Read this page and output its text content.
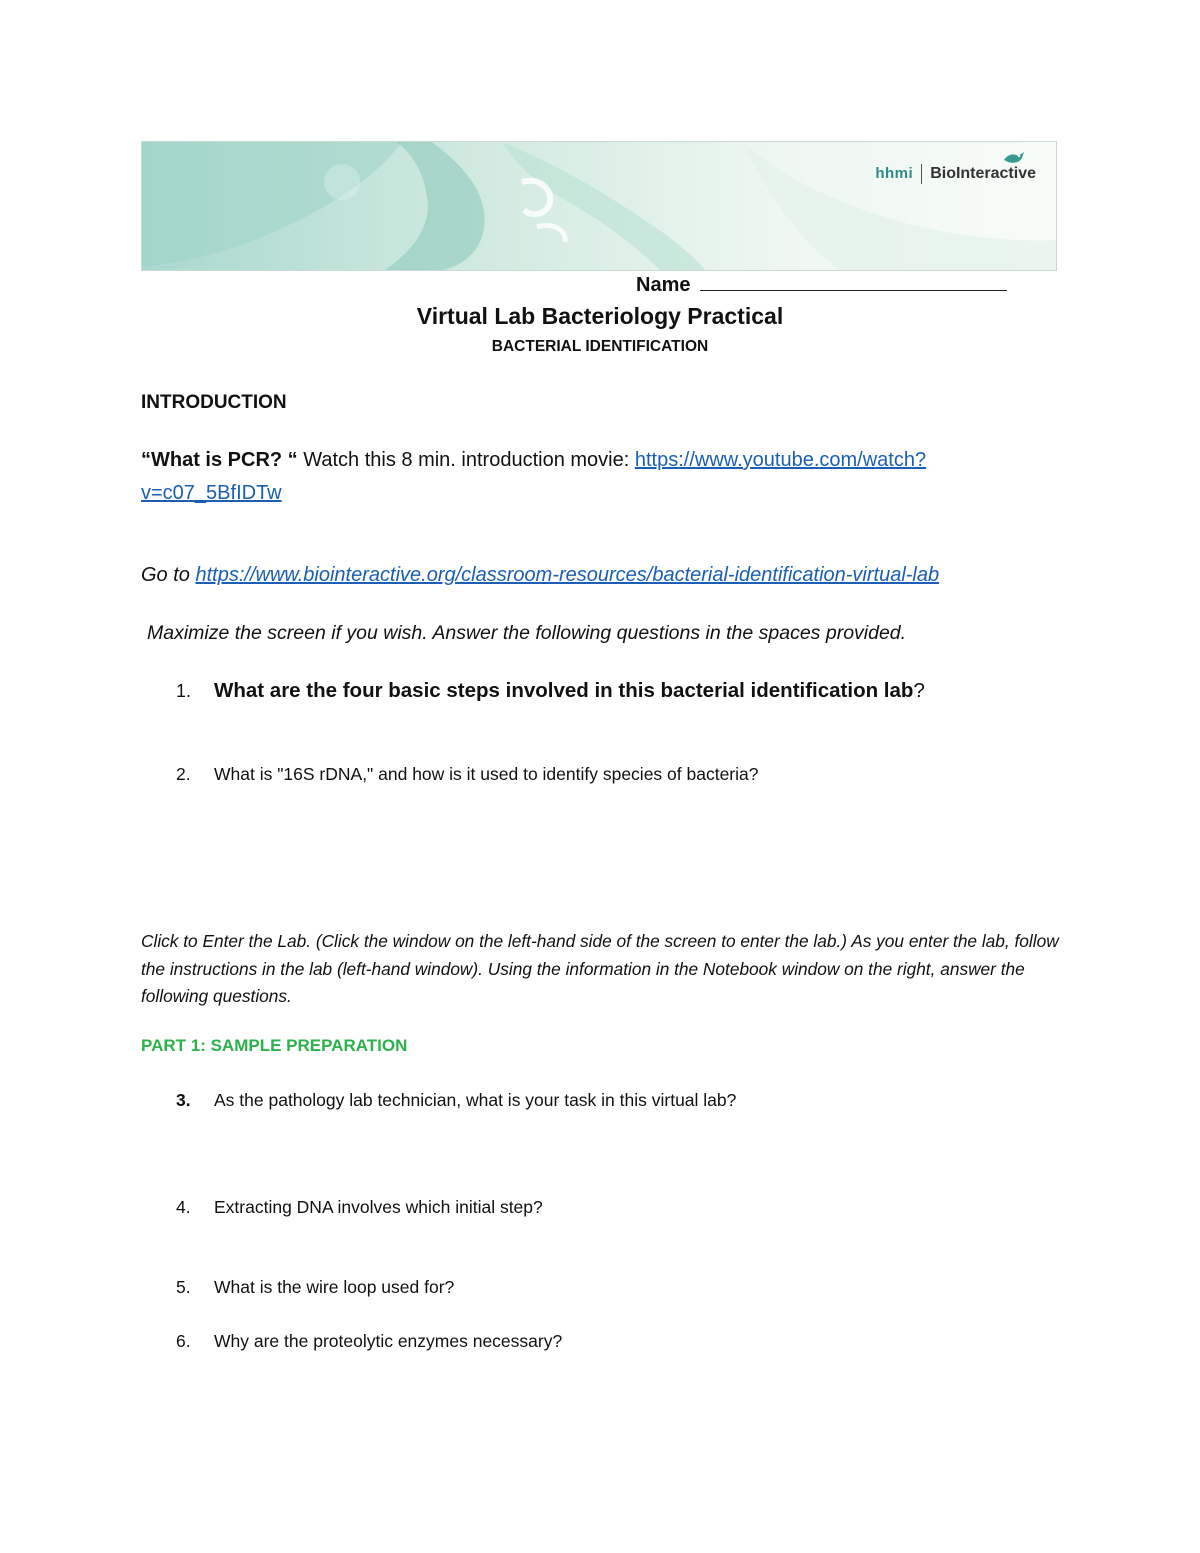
hhmi	BioInteractive
Name
Virtual Lab Bacteriology Practical
BACTERIAL IDENTIFICATION
INTRODUCTION
“What is PCR? “ Watch this 8 min. introduction movie: https://www.youtube.com/watch?
v=c07_5BfIDTw
Go to https://www.biointeractive.org/classroom-resources/bacterial-identification-virtual-lab
Maximize the screen if you wish. Answer the following questions in the spaces provided.
1.	What are the four basic steps involved in this bacterial identification lab?
2.	What is "16S rDNA," and how is it used to identify species of bacteria?
Click to Enter the Lab. (Click the window on the left-hand side of the screen to enter the lab.) As you enter the lab, follow the instructions in the lab (left-hand window). Using the information in the Notebook window on the right, answer the following questions.
PART 1: SAMPLE PREPARATION
3.	As the pathology lab technician, what is your task in this virtual lab?
4.	Extracting DNA involves which initial step?
5.	What is the wire loop used for?
6.	Why are the proteolytic enzymes necessary?
